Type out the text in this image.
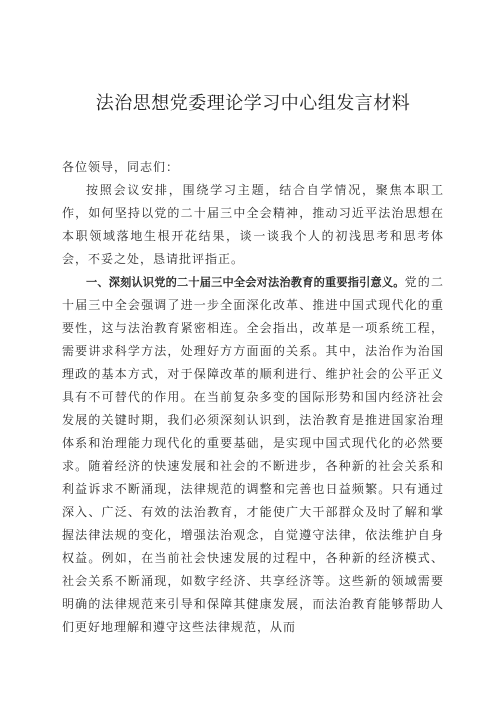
法治思想党委理论学习中心组发言材料

各位领导，同志们：

按照会议安排，围绕学习主题，结合自学情况，聚焦本职工作，如何坚持以党的二十届三中全会精神，推动习近平法治思想在本职领域落地生根开花结果，谈一谈我个人的初浅思考和思考体会，不妥之处，恳请批评指正。

一、深刻认识党的二十届三中全会对法治教育的重要指引意义。党的二十届三中全会强调了进一步全面深化改革、推进中国式现代化的重要性，这与法治教育紧密相连。全会指出，改革是一项系统工程，需要讲求科学方法，处理好方方面面的关系。其中，法治作为治国理政的基本方式，对于保障改革的顺利进行、维护社会的公平正义具有不可替代的作用。在当前复杂多变的国际形势和国内经济社会发展的关键时期，我们必须深刻认识到，法治教育是推进国家治理体系和治理能力现代化的重要基础，是实现中国式现代化的必然要求。随着经济的快速发展和社会的不断进步，各种新的社会关系和利益诉求不断涌现，法律规范的调整和完善也日益频繁。只有通过深入、广泛、有效的法治教育，才能使广大干部群众及时了解和掌握法律法规的变化，增强法治观念，自觉遵守法律，依法维护自身权益。例如，在当前社会快速发展的过程中，各种新的经济模式、社会关系不断涌现，如数字经济、共享经济等。这些新的领域需要明确的法律规范来引导和保障其健康发展，而法治教育能够帮助人们更好地理解和遵守这些法律规范，从而
